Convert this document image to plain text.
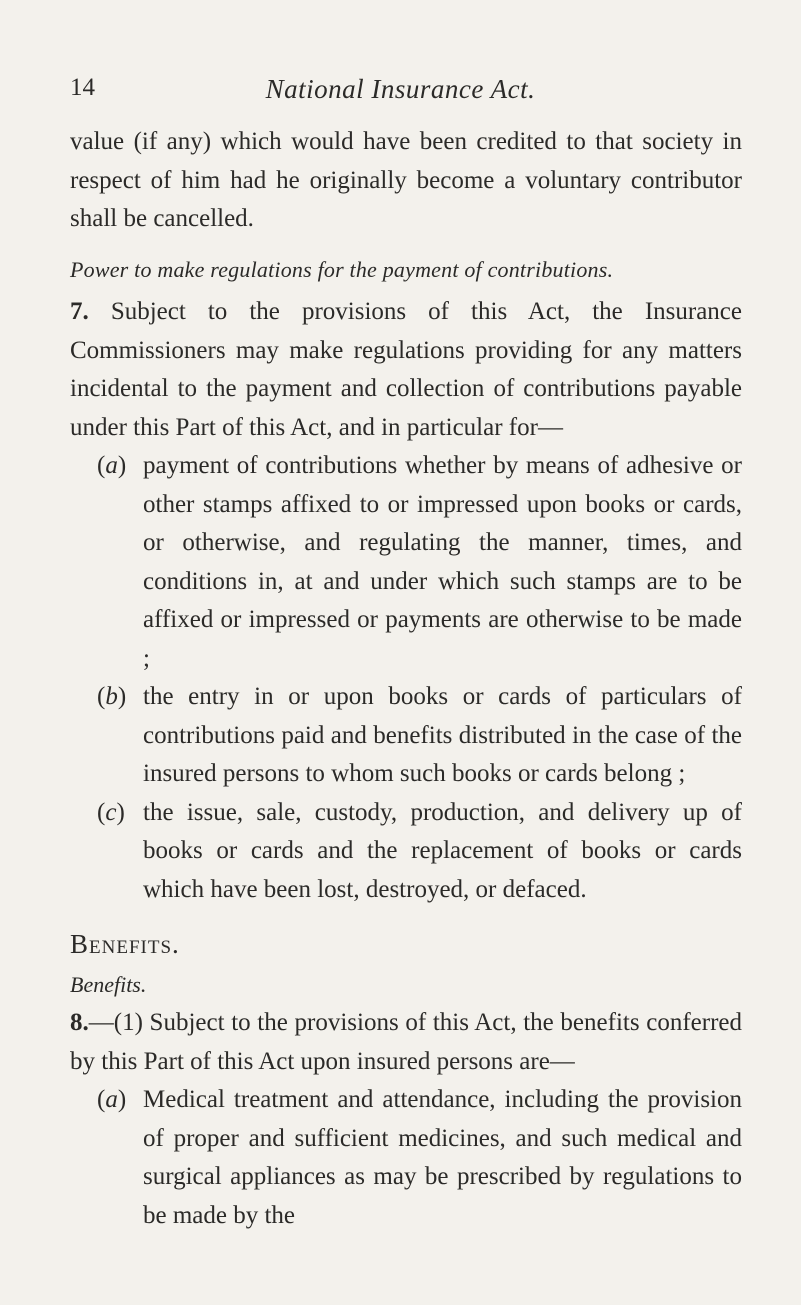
14	National Insurance Act.

value (if any) which would have been credited to that society in respect of him had he originally become a voluntary contributor shall be cancelled.

Power to make regulations for the payment of contributions.

7. Subject to the provisions of this Act, the Insurance Commissioners may make regulations providing for any matters incidental to the payment and collection of contributions payable under this Part of this Act, and in particular for—

(a) payment of contributions whether by means of adhesive or other stamps affixed to or impressed upon books or cards, or otherwise, and regulating the manner, times, and conditions in, at and under which such stamps are to be affixed or impressed or payments are otherwise to be made ;
(b) the entry in or upon books or cards of particulars of contributions paid and benefits distributed in the case of the insured persons to whom such books or cards belong ;
(c) the issue, sale, custody, production, and delivery up of books or cards and the replacement of books or cards which have been lost, destroyed, or defaced.

Benefits.

Benefits.

8.—(1) Subject to the provisions of this Act, the benefits conferred by this Part of this Act upon insured persons are—

(a) Medical treatment and attendance, including the provision of proper and sufficient medicines, and such medical and surgical appliances as may be prescribed by regulations to be made by the
